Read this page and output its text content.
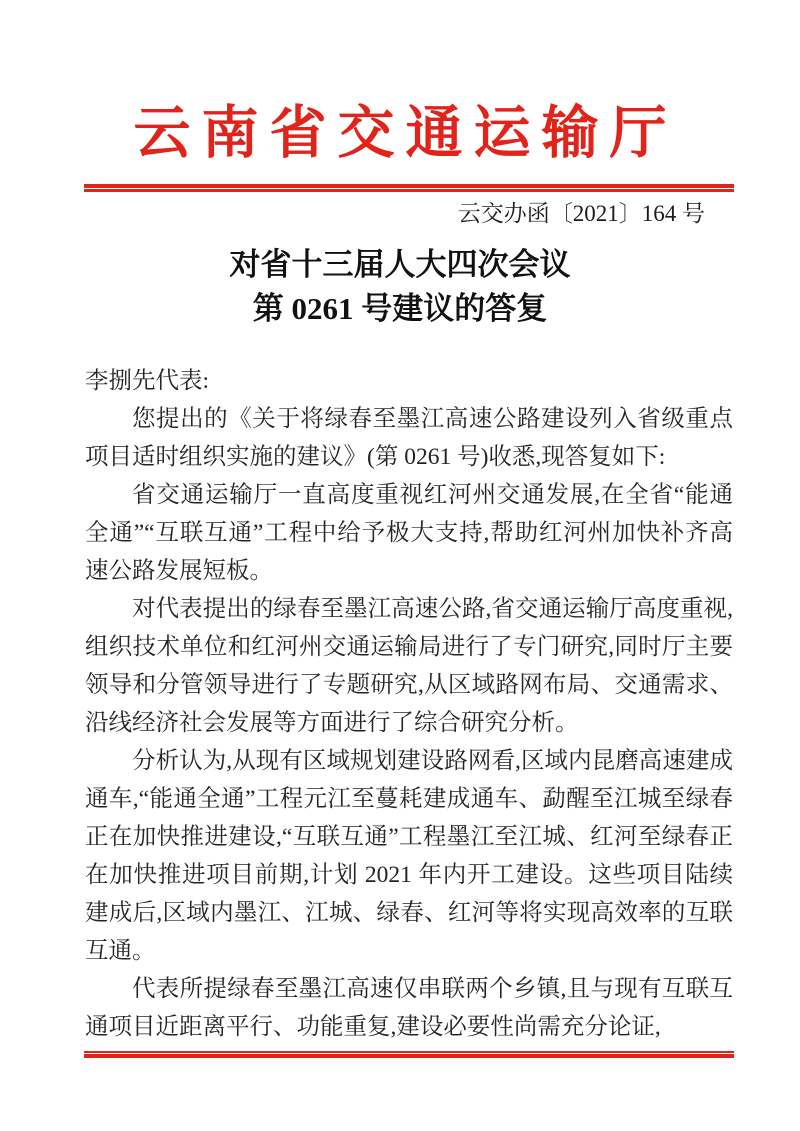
云南省交通运输厅
云交办函〔2021〕164 号
对省十三届人大四次会议
第 0261 号建议的答复

李捌先代表:

您提出的《关于将绿春至墨江高速公路建设列入省级重点项目适时组织实施的建议》(第 0261 号)收悉,现答复如下:

省交通运输厅一直高度重视红河州交通发展,在全省“能通全通”“互联互通”工程中给予极大支持,帮助红河州加快补齐高速公路发展短板。

对代表提出的绿春至墨江高速公路,省交通运输厅高度重视,组织技术单位和红河州交通运输局进行了专门研究,同时厅主要领导和分管领导进行了专题研究,从区域路网布局、交通需求、沿线经济社会发展等方面进行了综合研究分析。

分析认为,从现有区域规划建设路网看,区域内昆磨高速建成通车,“能通全通”工程元江至蔓耗建成通车、勐醒至江城至绿春正在加快推进建设,“互联互通”工程墨江至江城、红河至绿春正在加快推进项目前期,计划 2021 年内开工建设。这些项目陆续建成后,区域内墨江、江城、绿春、红河等将实现高效率的互联互通。

代表所提绿春至墨江高速仅串联两个乡镇,且与现有互联互通项目近距离平行、功能重复,建设必要性尚需充分论证,
